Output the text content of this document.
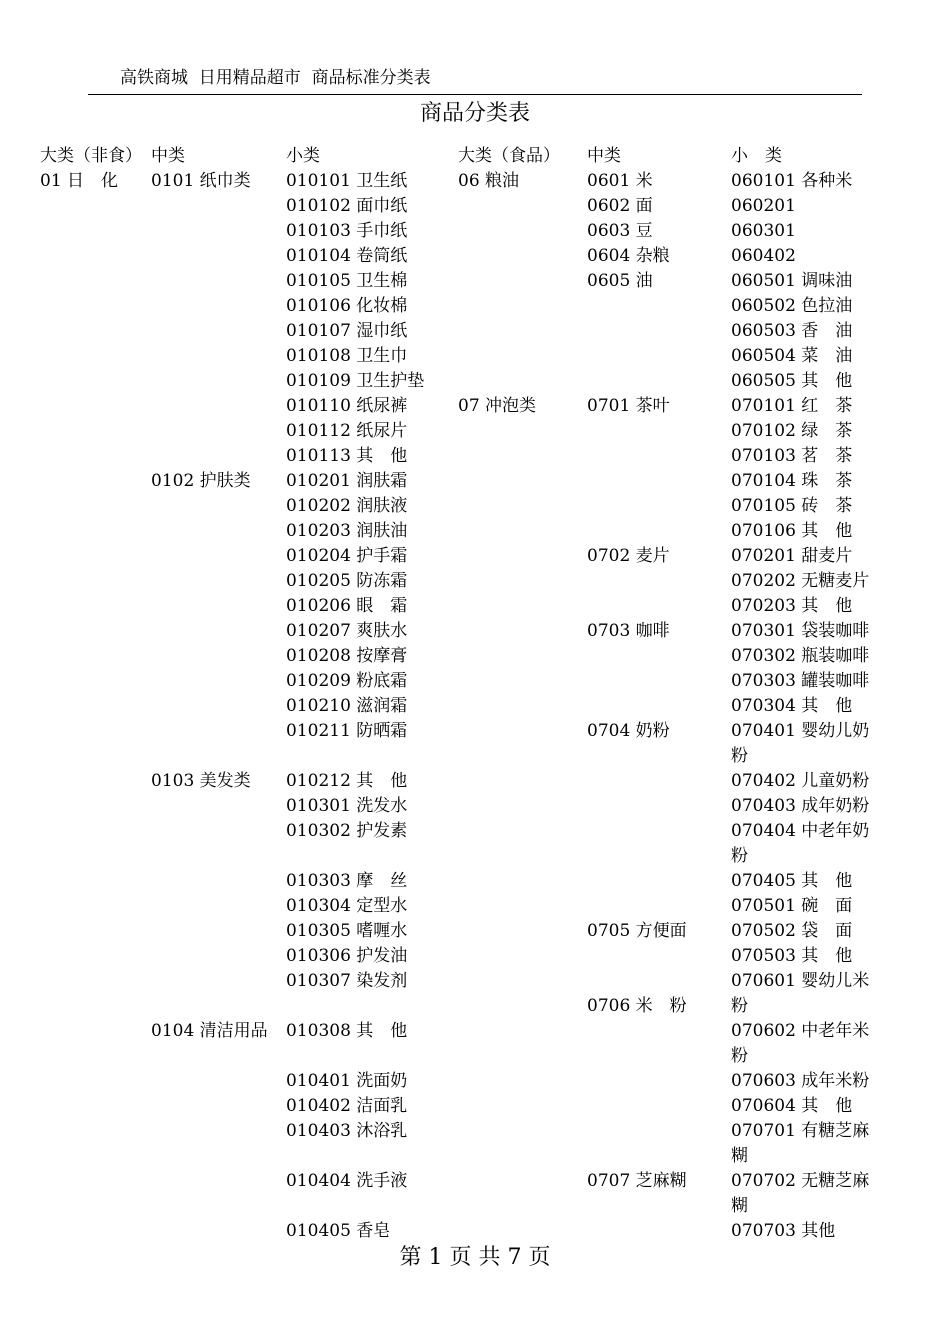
高铁商城  日用精品超市  商品标准分类表
商品分类表
大类（非食）
01 日　化
中类
0101 纸巾类
0102 护肤类
0103 美发类
0104 清洁用品
小类
010101 卫生纸
010102 面巾纸
010103 手巾纸
010104 卷筒纸
010105 卫生棉
010106 化妆棉
010107 湿巾纸
010108 卫生巾
010109 卫生护垫
010110 纸尿裤
010112 纸尿片
010113 其　他
010201 润肤霜
010202 润肤液
010203 润肤油
010204 护手霜
010205 防冻霜
010206 眼　霜
010207 爽肤水
010208 按摩膏
010209 粉底霜
010210 滋润霜
010211 防晒霜
010212 其　他
010301 洗发水
010302 护发素
010303 摩　丝
010304 定型水
010305 嗜喱水
010306 护发油
010307 染发剂
010308 其　他
010401 洗面奶
010402 洁面乳
010403 沐浴乳
010404 洗手液
010405 香皂
大类（食品）
06 粮油
07 冲泡类
中类
0601 米
0602 面
0603 豆
0604 杂粮
0605 油
0701 茶叶
0702 麦片
0703 咖啡
0704 奶粉
0705 方便面
0706 米　粉
0707 芝麻糊
小　类
060101 各种米
060201
060301
060402
060501 调味油
060502 色拉油
060503 香　油
060504 菜　油
060505 其　他
070101 红　茶
070102 绿　茶
070103 茗　茶
070104 珠　茶
070105 砖　茶
070106 其　他
070201 甜麦片
070202 无糖麦片
070203 其　他
070301 袋装咖啡
070302 瓶装咖啡
070303 罐装咖啡
070304 其　他
070401 婴幼儿奶粉
070402 儿童奶粉
070403 成年奶粉
070404 中老年奶粉
070405 其　他
070501 碗　面
070502 袋　面
070503 其　他
070601 婴幼儿米粉
070602 中老年米粉
070603 成年米粉
070604 其　他
070701 有糖芝麻糊
070702 无糖芝麻糊
070703 其他
第 1 页 共 7 页
